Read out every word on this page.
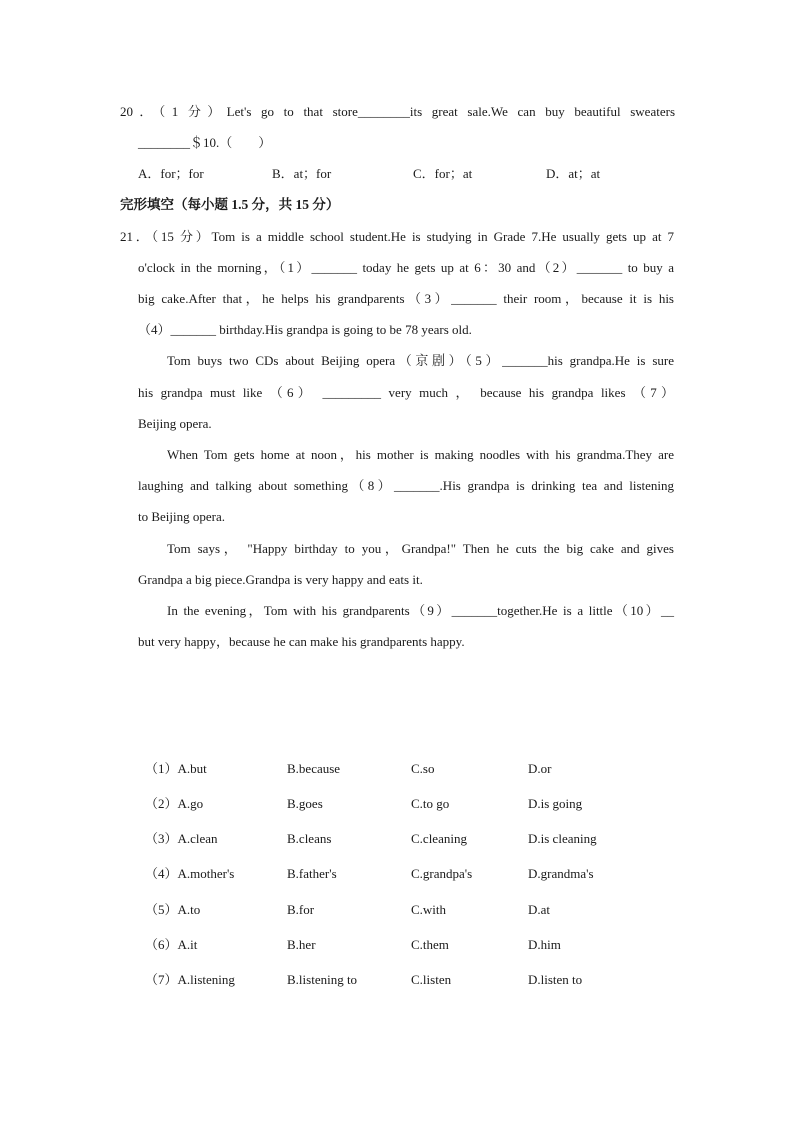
20．（1 分）Let's go to that store________its great sale.We can buy beautiful sweaters
________＄10.（　　）
A．for；for	B．at；for	C．for；at	D．at；at
完形填空（每小题 1.5 分，共 15 分）
21．（15 分）Tom is a middle school student.He is studying in Grade 7.He usually gets up at 7
o'clock in the morning，（1）_______ today he gets up at 6：30 and（2）_______ to buy a
big cake.After that，he helps his grandparents（3）_______ their room，because it is his
（4）_______ birthday.His grandpa is going to be 78 years old.
Tom buys two CDs about Beijing opera（京剧）（5）_______his grandpa.He is sure
his grandpa must like （6） _________ very much ， because his grandpa likes （7）
Beijing opera.
When Tom gets home at noon，his mother is making noodles with his grandma.They are
laughing and talking about something（8）_______.His grandpa is drinking tea and listening
to Beijing opera.
Tom says， "Happy birthday to you，Grandpa!" Then he cuts the big cake and gives
Grandpa a big piece.Grandpa is very happy and eats it.
In the evening，Tom with his grandparents（9）_______together.He is a little（10）__
but very happy，because he can make his grandparents happy.
（1）A.but	B.because	C.so	D.or
（2）A.go	B.goes	C.to go	D.is going
（3）A.clean	B.cleans	C.cleaning	D.is cleaning
（4）A.mother's	B.father's	C.grandpa's	D.grandma's
（5）A.to	B.for	C.with	D.at
（6）A.it	B.her	C.them	D.him
（7）A.listening	B.listening to	C.listen	D.listen to
